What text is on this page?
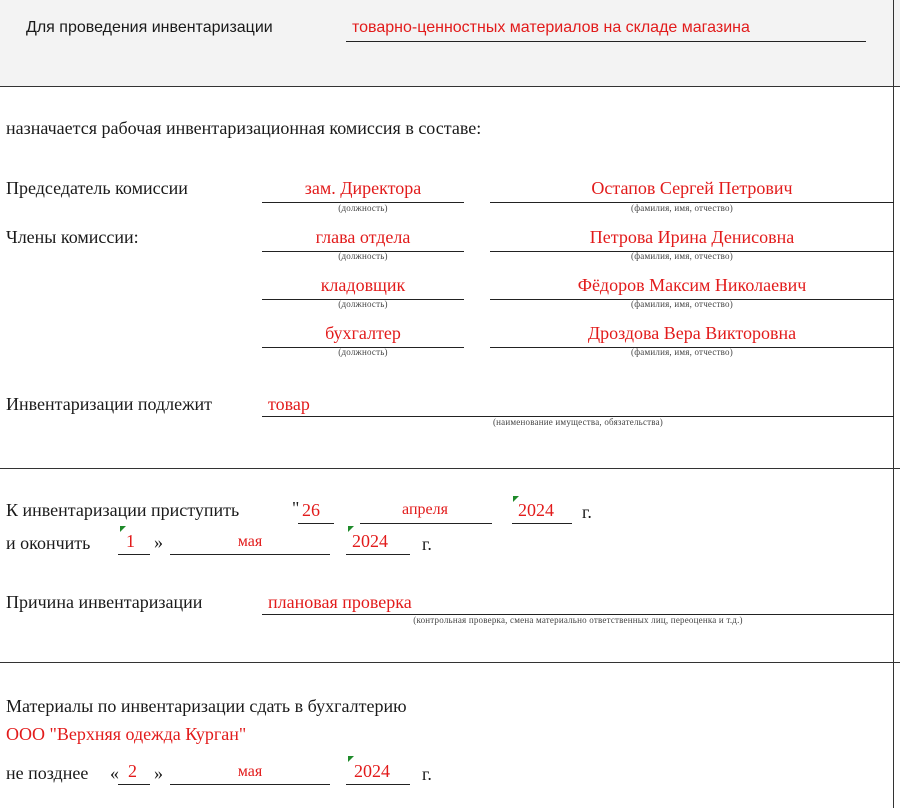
Для проведения инвентаризации	товарно-ценностных материалов на складе магазина
назначается рабочая инвентаризационная комиссия в составе:
Председатель комиссии	зам. Директора
(должность)
Остапов Сергей Петрович
(фамилия, имя, отчество)
Члены комиссии:	глава отдела
(должность)
Петрова Ирина Денисовна
(фамилия, имя, отчество)
кладовщик
(должность)
Фёдоров Максим Николаевич
(фамилия, имя, отчество)
бухгалтер
(должность)
Дроздова Вера Викторовна
(фамилия, имя, отчество)
Инвентаризации подлежит	товар
(наименование имущества, обязательства)
К инвентаризации приступить	" 26	апреля	2024 г.
и окончить 1 »	мая	2024 г.
Причина инвентаризации	плановая проверка
(контрольная проверка, смена материально ответственных лиц, переоценка и т.д.)
Материалы по инвентаризации сдать в бухгалтерию
ООО "Верхняя одежда Курган"
не позднее « 2 »	мая	2024 г.
